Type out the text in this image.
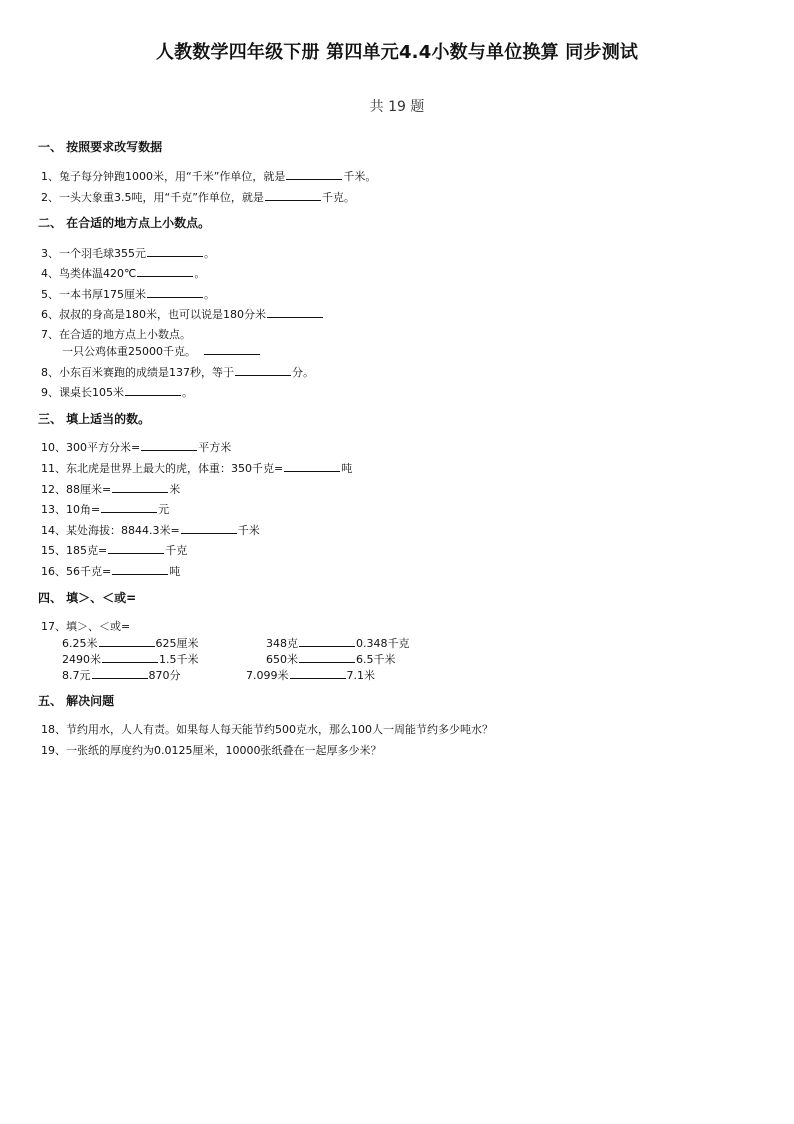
人教数学四年级下册 第四单元4.4小数与单位换算 同步测试
共 19 题
一、 按照要求改写数据
1、兔子每分钟跑1000米，用“千米”作单位，就是	千米。
2、一头大象重3.5吨，用“千克”作单位，就是	千克。
二、 在合适的地方点上小数点。
3、一个羽毛球355元	。
4、鸟类体温420℃	。
5、一本书厚175厘米	。
6、叔叔的身高是180米，也可以说是180分米
7、在合适的地方点上小数点。
一只公鸡体重25000千克。
8、小东百米赛跑的成绩是137秒，等于	分。
9、课桌长105米	。
三、 填上适当的数。
10、300平方分米=	平方米
11、东北虎是世界上最大的虎，体重：350千克=	吨
12、88厘米=	米
13、10角=	元
14、某处海拔：8844.3米=	千米
15、185克=	千克
16、56千克=	吨
四、 填＞、＜或=
17、填＞、＜或=
6.25米	625厘米	348克	0.348千克
2490米	1.5千米	650米	6.5千米
8.7元	870分	7.099米	7.1米
五、 解决问题
18、节约用水，人人有责。如果每人每天能节约500克水，那么100人一周能节约多少吨水？
19、一张纸的厚度约为0.0125厘米，10000张纸叠在一起厚多少米？
